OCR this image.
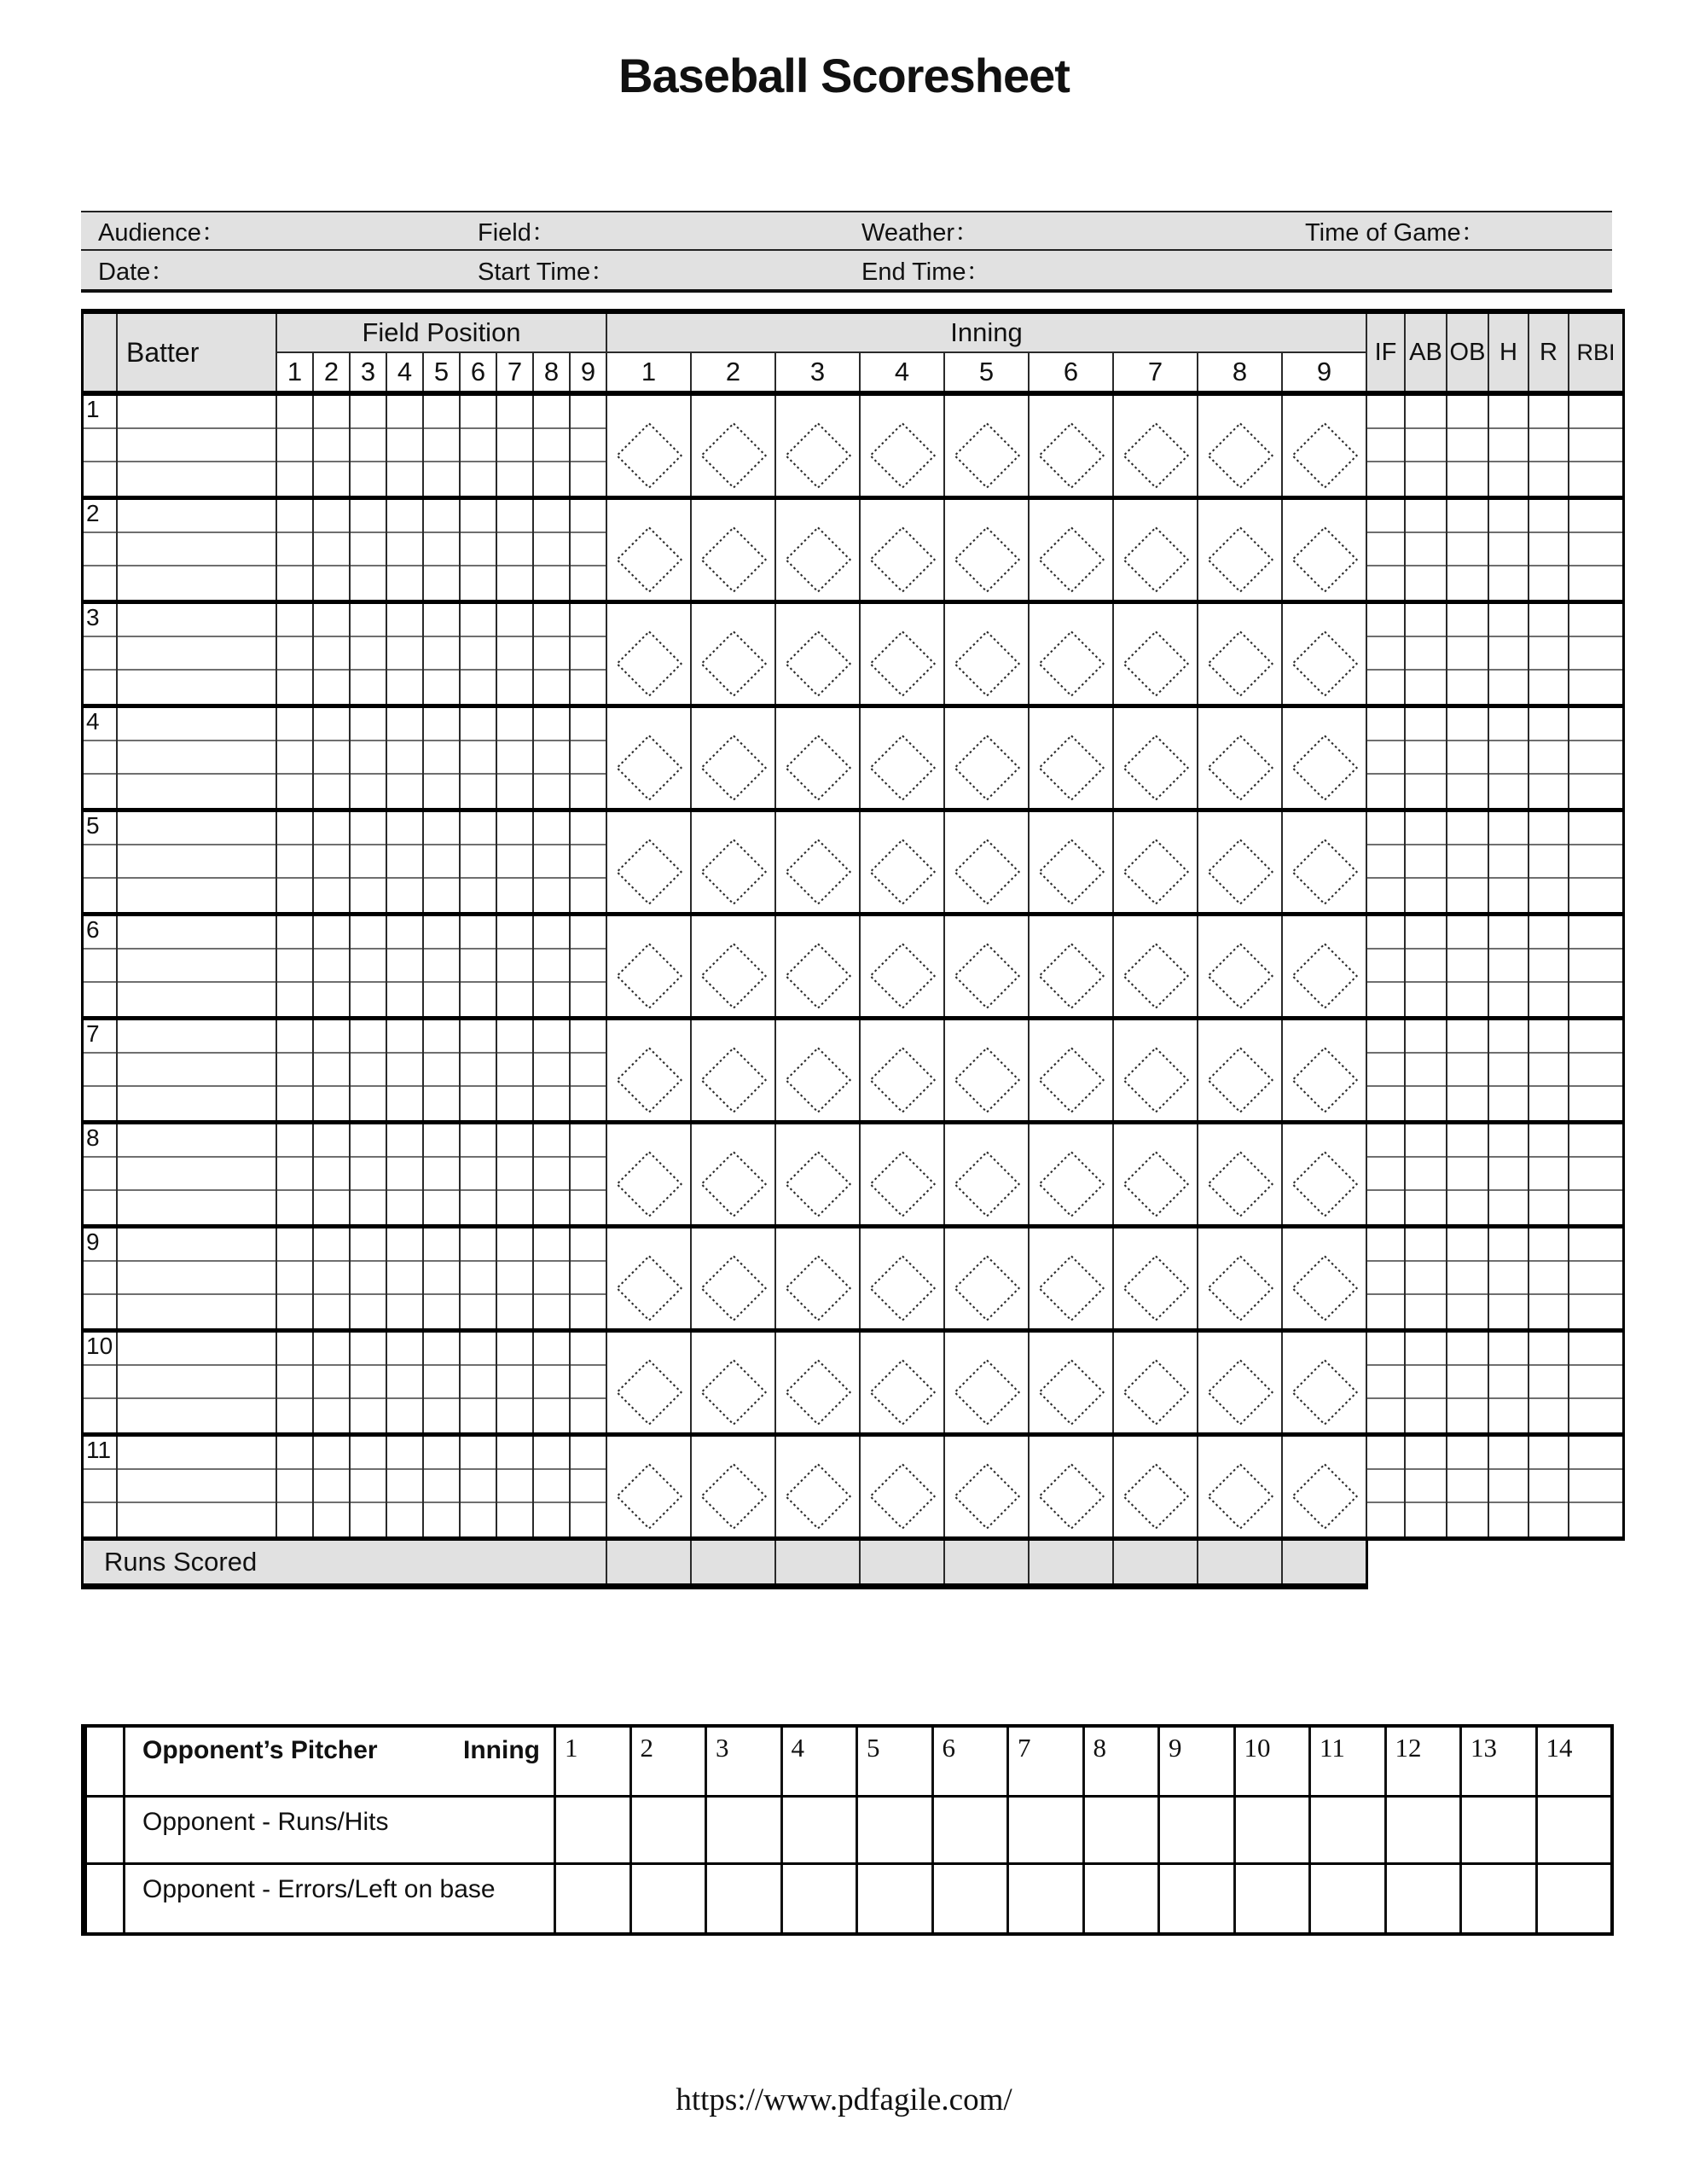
Baseball Scoresheet
Audience：	Field：	Weather：	Time of Game：
Date：	Start Time：	End Time：
Batter
Field Position
1 2 3 4 5 6 7 8 9
Inning
1	2	3	4	5	6	7	8	9
IF AB OB H R RBI
1
2
3
4
5
6
7
8
9
10
11
Runs Scored
Opponent’s Pitcher	Inning 1	2	3	4	5	6	7	8	9	10	11	12	13	14
Opponent - Runs/Hits
Opponent - Errors/Left on base
https://www.pdfagile.com/
